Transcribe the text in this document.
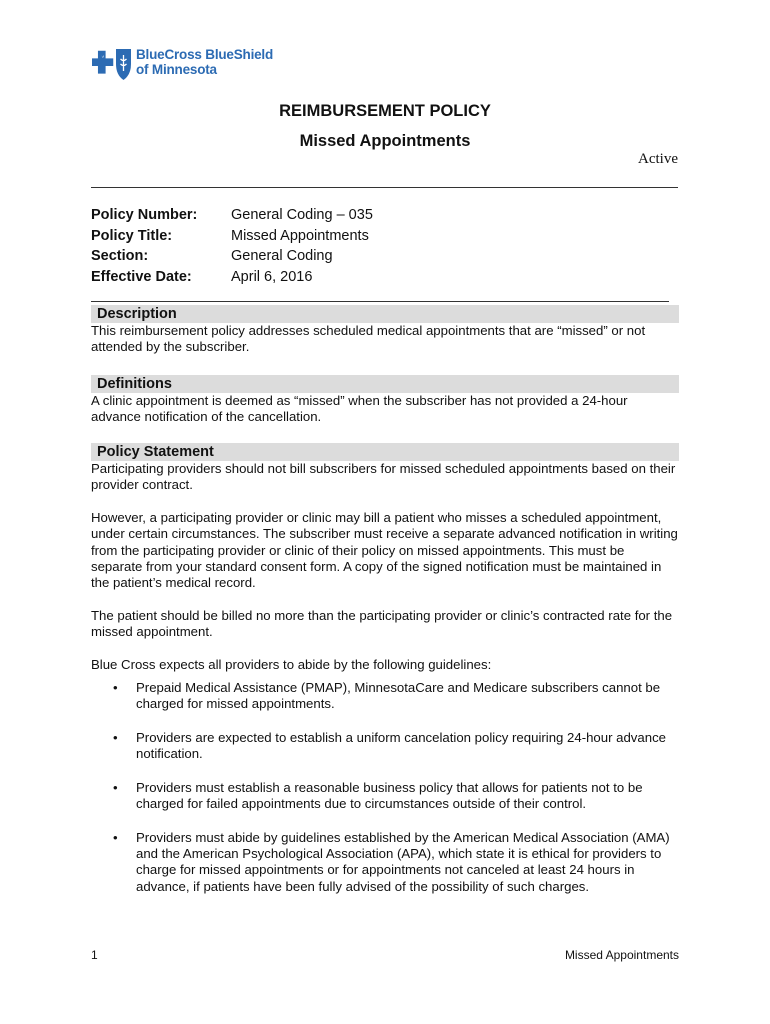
BlueCross BlueShield
of Minnesota
REIMBURSEMENT POLICY
Missed Appointments
Active
Policy Number:	General Coding – 035
Policy Title:	Missed Appointments
Section:	General Coding
Effective Date:	April 6, 2016
Description

This reimbursement policy addresses scheduled medical appointments that are “missed” or not attended by the subscriber.

Definitions

A clinic appointment is deemed as “missed” when the subscriber has not provided a 24-hour advance notification of the cancellation.

Policy Statement

Participating providers should not bill subscribers for missed scheduled appointments based on their provider contract.

However, a participating provider or clinic may bill a patient who misses a scheduled appointment, under certain circumstances. The subscriber must receive a separate advanced notification in writing from the participating provider or clinic of their policy on missed appointments. This must be separate from your standard consent form. A copy of the signed notification must be maintained in the patient’s medical record.

The patient should be billed no more than the participating provider or clinic’s contracted rate for the missed appointment.

Blue Cross expects all providers to abide by the following guidelines:

• Prepaid Medical Assistance (PMAP), MinnesotaCare and Medicare subscribers cannot be charged for missed appointments.
• Providers are expected to establish a uniform cancelation policy requiring 24-hour advance notification.
• Providers must establish a reasonable business policy that allows for patients not to be charged for failed appointments due to circumstances outside of their control.
• Providers must abide by guidelines established by the American Medical Association (AMA) and the American Psychological Association (APA), which state it is ethical for providers to charge for missed appointments or for appointments not canceled at least 24 hours in advance, if patients have been fully advised of the possibility of such charges.
1	Missed Appointments
